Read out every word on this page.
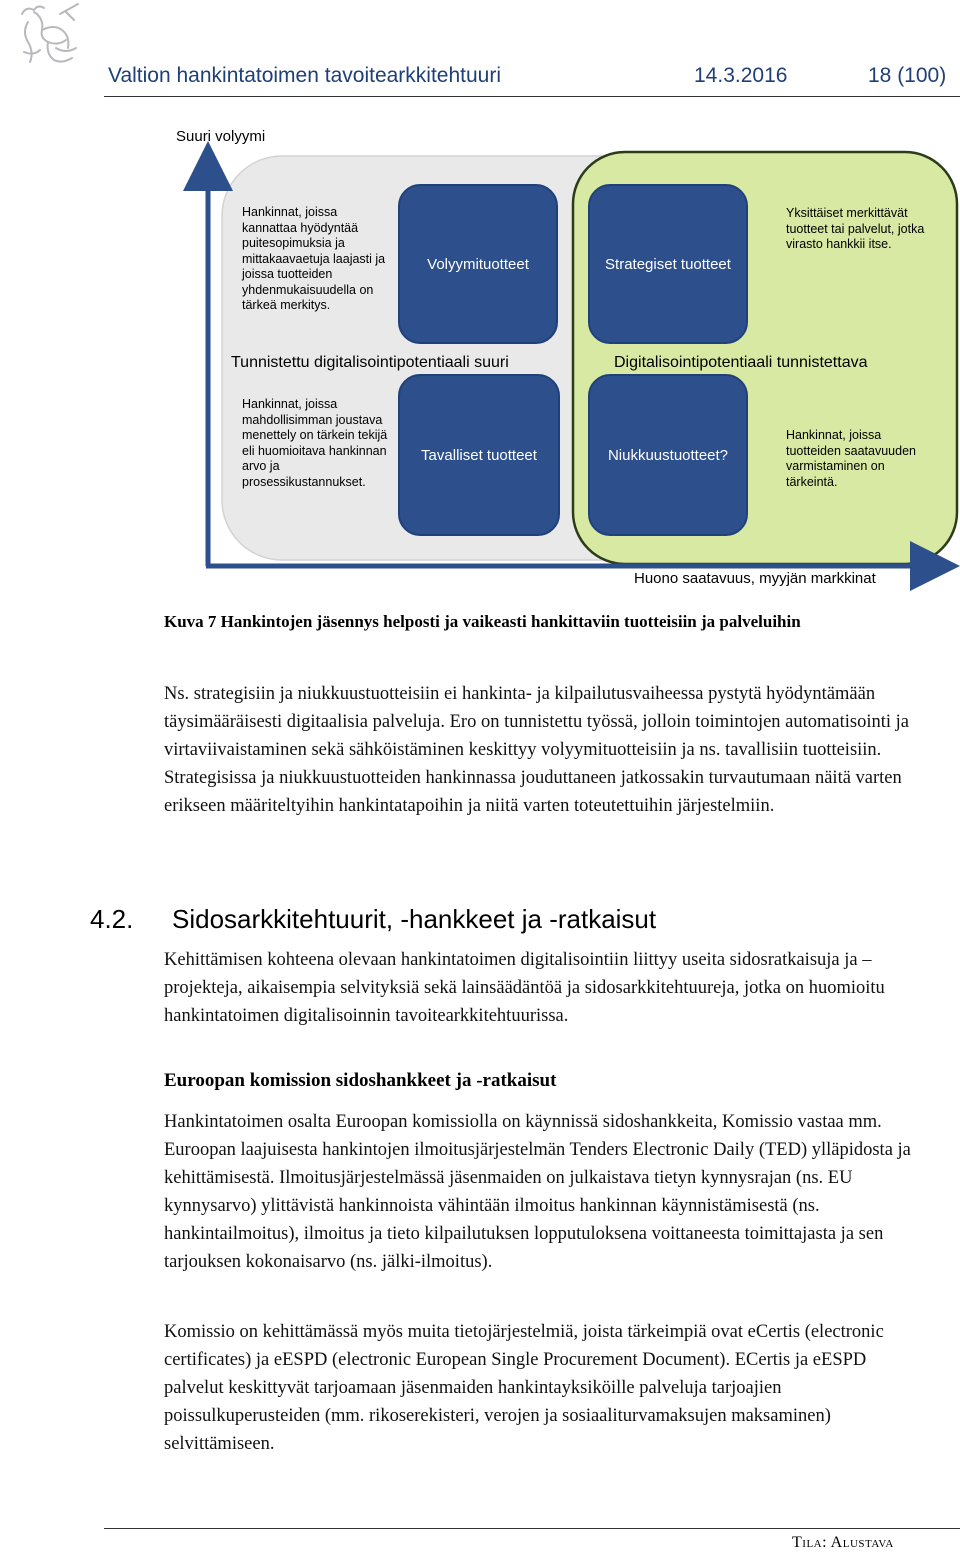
Valtion hankintatoimen tavoitearkkitehtuuri	14.3.2016	18 (100)
Suuri volyymi
Hankinnat, joissa kannattaa hyödyntää puitesopimuksia ja mittakaavaetuja laajasti ja joissa tuotteiden yhdenmukaisuudella on tärkeä merkitys.
Volyymituotteet
Tunnistettu digitalisointipotentiaali suuri
Hankinnat, joissa mahdollisimman joustava menettely on tärkein tekijä eli huomioitava hankinnan arvo ja prosessikustannukset.
Tavalliset tuotteet
Strategiset tuotteet
Yksittäiset merkittävät tuotteet tai palvelut, jotka virasto hankkii itse.
Digitalisointipotentiaali tunnistettava
Niukkuustuotteet?
Hankinnat, joissa tuotteiden saatavuuden varmistaminen on tärkeintä.
Huono saatavuus, myyjän markkinat
Kuva 7 Hankintojen jäsennys helposti ja vaikeasti hankittaviin tuotteisiin ja palveluihin
Ns. strategisiin ja niukkuustuotteisiin ei hankinta- ja kilpailutusvaiheessa pystytä hyödyntämään täysimääräisesti digitaalisia palveluja. Ero on tunnistettu työssä, jolloin toimintojen automatisointi ja virtaviivaistaminen sekä sähköistäminen keskittyy volyymituotteisiin ja ns. tavallisiin tuotteisiin. Strategisissa ja niukkuustuotteiden hankinnassa jouduttaneen jatkossakin turvautumaan näitä varten erikseen määriteltyihin hankintatapoihin ja niitä varten toteutettuihin järjestelmiin.
4.2. Sidosarkkitehtuurit, -hankkeet ja -ratkaisut
Kehittämisen kohteena olevaan hankintatoimen digitalisointiin liittyy useita sidosratkaisuja ja –projekteja, aikaisempia selvityksiä sekä lainsäädäntöä ja sidosarkkitehtuureja, jotka on huomioitu hankintatoimen digitalisoinnin tavoitearkkitehtuurissa.
Euroopan komission sidoshankkeet ja -ratkaisut
Hankintatoimen osalta Euroopan komissiolla on käynnissä sidoshankkeita, Komissio vastaa mm. Euroopan laajuisesta hankintojen ilmoitusjärjestelmän Tenders Electronic Daily (TED) ylläpidosta ja kehittämisestä. Ilmoitusjärjestelmässä jäsenmaiden on julkaistava tietyn kynnysrajan (ns. EU kynnysarvo) ylittävistä hankinnoista vähintään ilmoitus hankinnan käynnistämisestä (ns. hankintailmoitus), ilmoitus ja tieto kilpailutuksen lopputuloksena voittaneesta toimittajasta ja sen tarjouksen kokonaisarvo (ns. jälki-ilmoitus).
Komissio on kehittämässä myös muita tietojärjestelmiä, joista tärkeimpiä ovat eCertis (electronic certificates) ja eESPD (electronic European Single Procurement Document). ECertis ja eESPD palvelut keskittyvät tarjoamaan jäsenmaiden hankintayksiköille palveluja tarjoajien poissulkuperusteiden (mm. rikoserekisteri, verojen ja sosiaaliturvamaksujen maksaminen) selvittämiseen.
Tila: Alustava
